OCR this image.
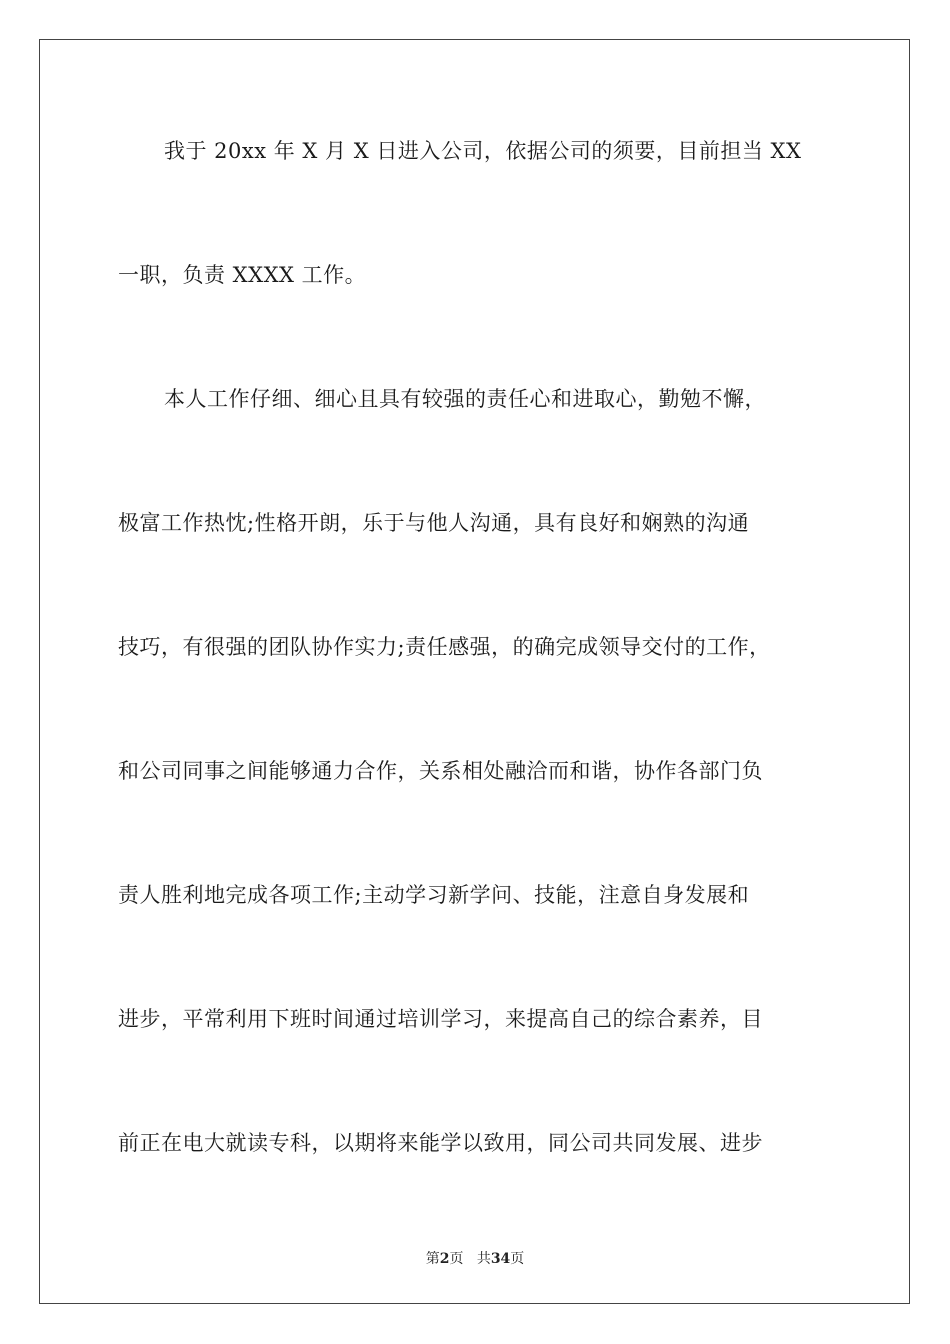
我于 20xx 年 X 月 X 日进入公司，依据公司的须要，目前担当 XX
一职，负责 XXXX 工作。
本人工作仔细、细心且具有较强的责任心和进取心，勤勉不懈，
极富工作热忱;性格开朗，乐于与他人沟通，具有良好和娴熟的沟通
技巧，有很强的团队协作实力;责任感强，的确完成领导交付的工作，
和公司同事之间能够通力合作，关系相处融洽而和谐，协作各部门负
责人胜利地完成各项工作;主动学习新学问、技能，注意自身发展和
进步，平常利用下班时间通过培训学习，来提高自己的综合素养，目
前正在电大就读专科，以期将来能学以致用，同公司共同发展、进步
第2页 共34页
